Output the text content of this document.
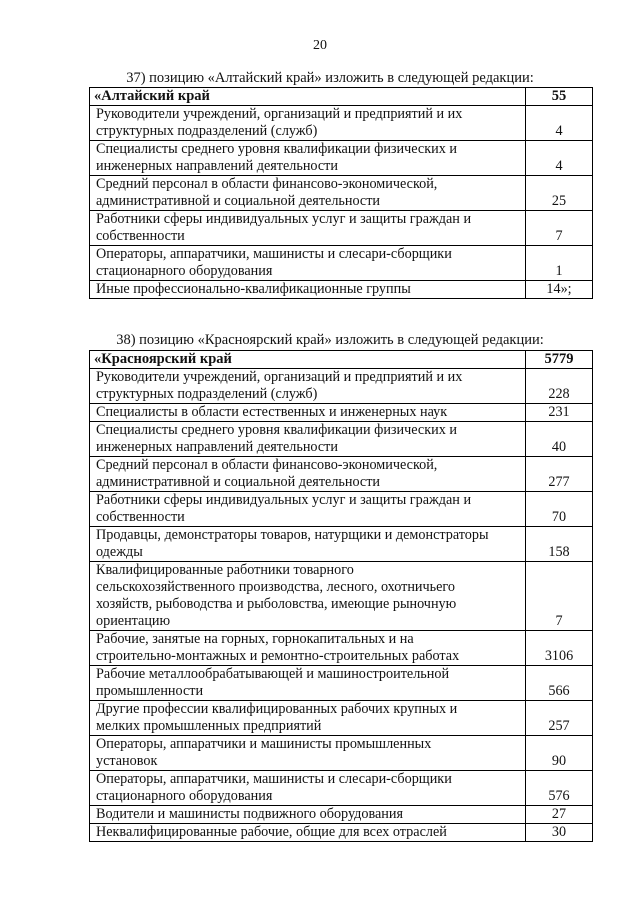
20
37) позицию «Алтайский край» изложить в следующей редакции:
«Алтайский край	55

Руководители учреждений, организаций и предприятий и их
структурных подразделений (служб)	4

Специалисты среднего уровня квалификации физических и
инженерных направлений деятельности	4

Средний персонал в области финансово-экономической,
административной и социальной деятельности	25

Работники сферы индивидуальных услуг и защиты граждан и
собственности	7

Операторы, аппаратчики, машинисты и слесари-сборщики
стационарного оборудования	1

Иные профессионально-квалификационные группы	14»;
38) позицию «Красноярский край» изложить в следующей редакции:
«Красноярский край	5779

Руководители учреждений, организаций и предприятий и их
структурных подразделений (служб)	228

Специалисты в области естественных и инженерных наук	231

Специалисты среднего уровня квалификации физических и
инженерных направлений деятельности	40

Средний персонал в области финансово-экономической,
административной и социальной деятельности	277

Работники сферы индивидуальных услуг и защиты граждан и
собственности	70

Продавцы, демонстраторы товаров, натурщики и демонстраторы
одежды	158

Квалифицированные работники товарного
сельскохозяйственного производства, лесного, охотничьего
хозяйств, рыбоводства и рыболовства, имеющие рыночную
ориентацию	7

Рабочие, занятые на горных, горнокапитальных и на
строительно-монтажных и ремонтно-строительных работах	3106

Рабочие металлообрабатывающей и машиностроительной
промышленности	566

Другие профессии квалифицированных рабочих крупных и
мелких промышленных предприятий	257

Операторы, аппаратчики и машинисты промышленных
установок	90

Операторы, аппаратчики, машинисты и слесари-сборщики
стационарного оборудования	576

Водители и машинисты подвижного оборудования	27

Неквалифицированные рабочие, общие для всех отраслей	30
